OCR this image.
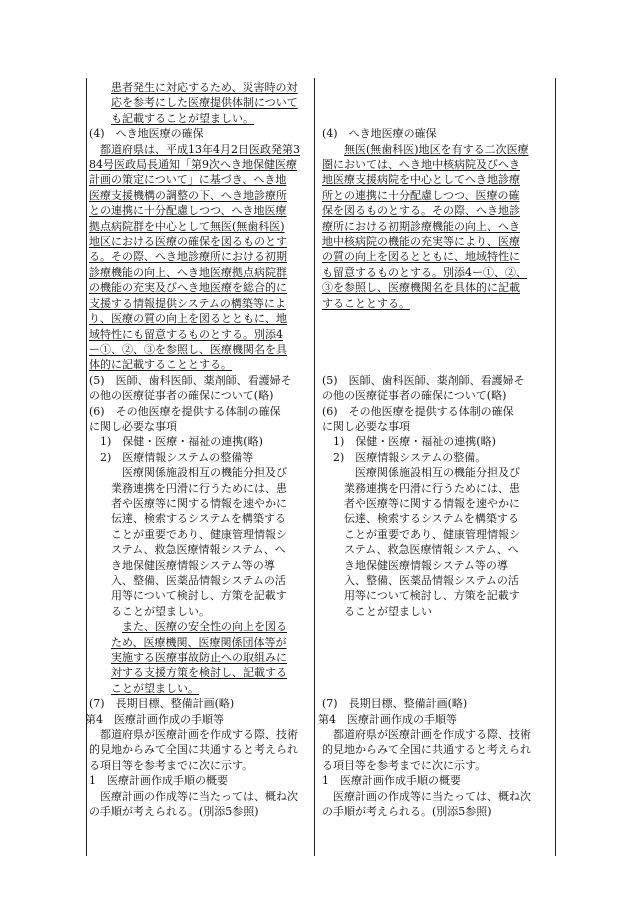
患者発生に対応するため、災害時の対

応を参考にした医療提供体制について

も記載することが望ましい。

(4)　へき地医療の確保

都道府県は、平成13年4月2日医政発第3

84号医政局長通知「第9次へき地保健医療

計画の策定について」に基づき、へき地

医療支援機構の調整の下、へき地診療所

との連携に十分配慮しつつ、へき地医療

拠点病院群を中心として無医(無歯科医)

地区における医療の確保を図るものとす

る。その際、へき地診療所における初期

診療機能の向上、へき地医療拠点病院群

の機能の充実及びへき地医療を総合的に

支援する情報提供システムの構築等によ

り、医療の質の向上を図るとともに、地

域特性にも留意するものとする。別添4

ー①、②、③を参照し、医療機関名を具

体的に記載することとする。

(5)　医師、歯科医師、薬剤師、看護婦そ

の他の医療従事者の確保について(略)

(6)　その他医療を提供する体制の確保

に関し必要な事項

1)　保健・医療・福祉の連携(略)

2)　医療情報システムの整備等

医療関係施設相互の機能分担及び

業務連携を円滑に行うためには、患

者や医療等に関する情報を速やかに

伝達、検索するシステムを構築する

ことが重要であり、健康管理情報シ

ステム、救急医療情報システム、へ

き地保健医療情報システム等の導

入、整備、医薬品情報システムの活

用等について検討し、方策を記載す

ることが望ましい。

また、医療の安全性の向上を図る

ため、医療機関、医療関係団体等が

実施する医療事故防止への取組みに

対する支援方策を検討し、記載する

ことが望ましい。

(7)　長期目標、整備計画(略)

第4　医療計画作成の手順等

都道府県が医療計画を作成する際、技術

的見地からみて全国に共通すると考えられ

る項目等を参考までに次に示す。

1　医療計画作成手順の概要

医療計画の作成等に当たっては、概ね次

の手順が考えられる。(別添5参照)

(4)　へき地医療の確保

無医(無歯科医)地区を有する二次医療

圏においては、へき地中核病院及びへき

地医療支援病院を中心としてへき地診療

所との連携に十分配慮しつつ、医療の確

保を図るものとする。その際、へき地診

療所における初期診療機能の向上、へき

地中核病院の機能の充実等により、医療

の質の向上を図るとともに、地域特性に

も留意するものとする。別添4ー①、②、

③を参照し、医療機関名を具体的に記載

することとする。

(5)　医師、歯科医師、薬剤師、看護婦そ

の他の医療従事者の確保について(略)

(6)　その他医療を提供する体制の確保

に関し必要な事項

1)　保健・医療・福祉の連携(略)

2)　医療情報システムの整備。

医療関係施設相互の機能分担及び

業務連携を円滑に行うためには、患

者や医療等に関する情報を速やかに

伝達、検索するシステムを構築する

ことが重要であり、健康管理情報シ

ステム、救急医療情報システム、へ

き地保健医療情報システム等の導

入、整備、医薬品情報システムの活

用等について検討し、方策を記載す

ることが望ましい

(7)　長期目標、整備計画(略)

第4　医療計画作成の手順等

都道府県が医療計画を作成する際、技術

的見地からみて全国に共通すると考えられ

る項目等を参考までに次に示す。

1　医療計画作成手順の概要

医療計画の作成等に当たっては、概ね次

の手順が考えられる。(別添5参照)
